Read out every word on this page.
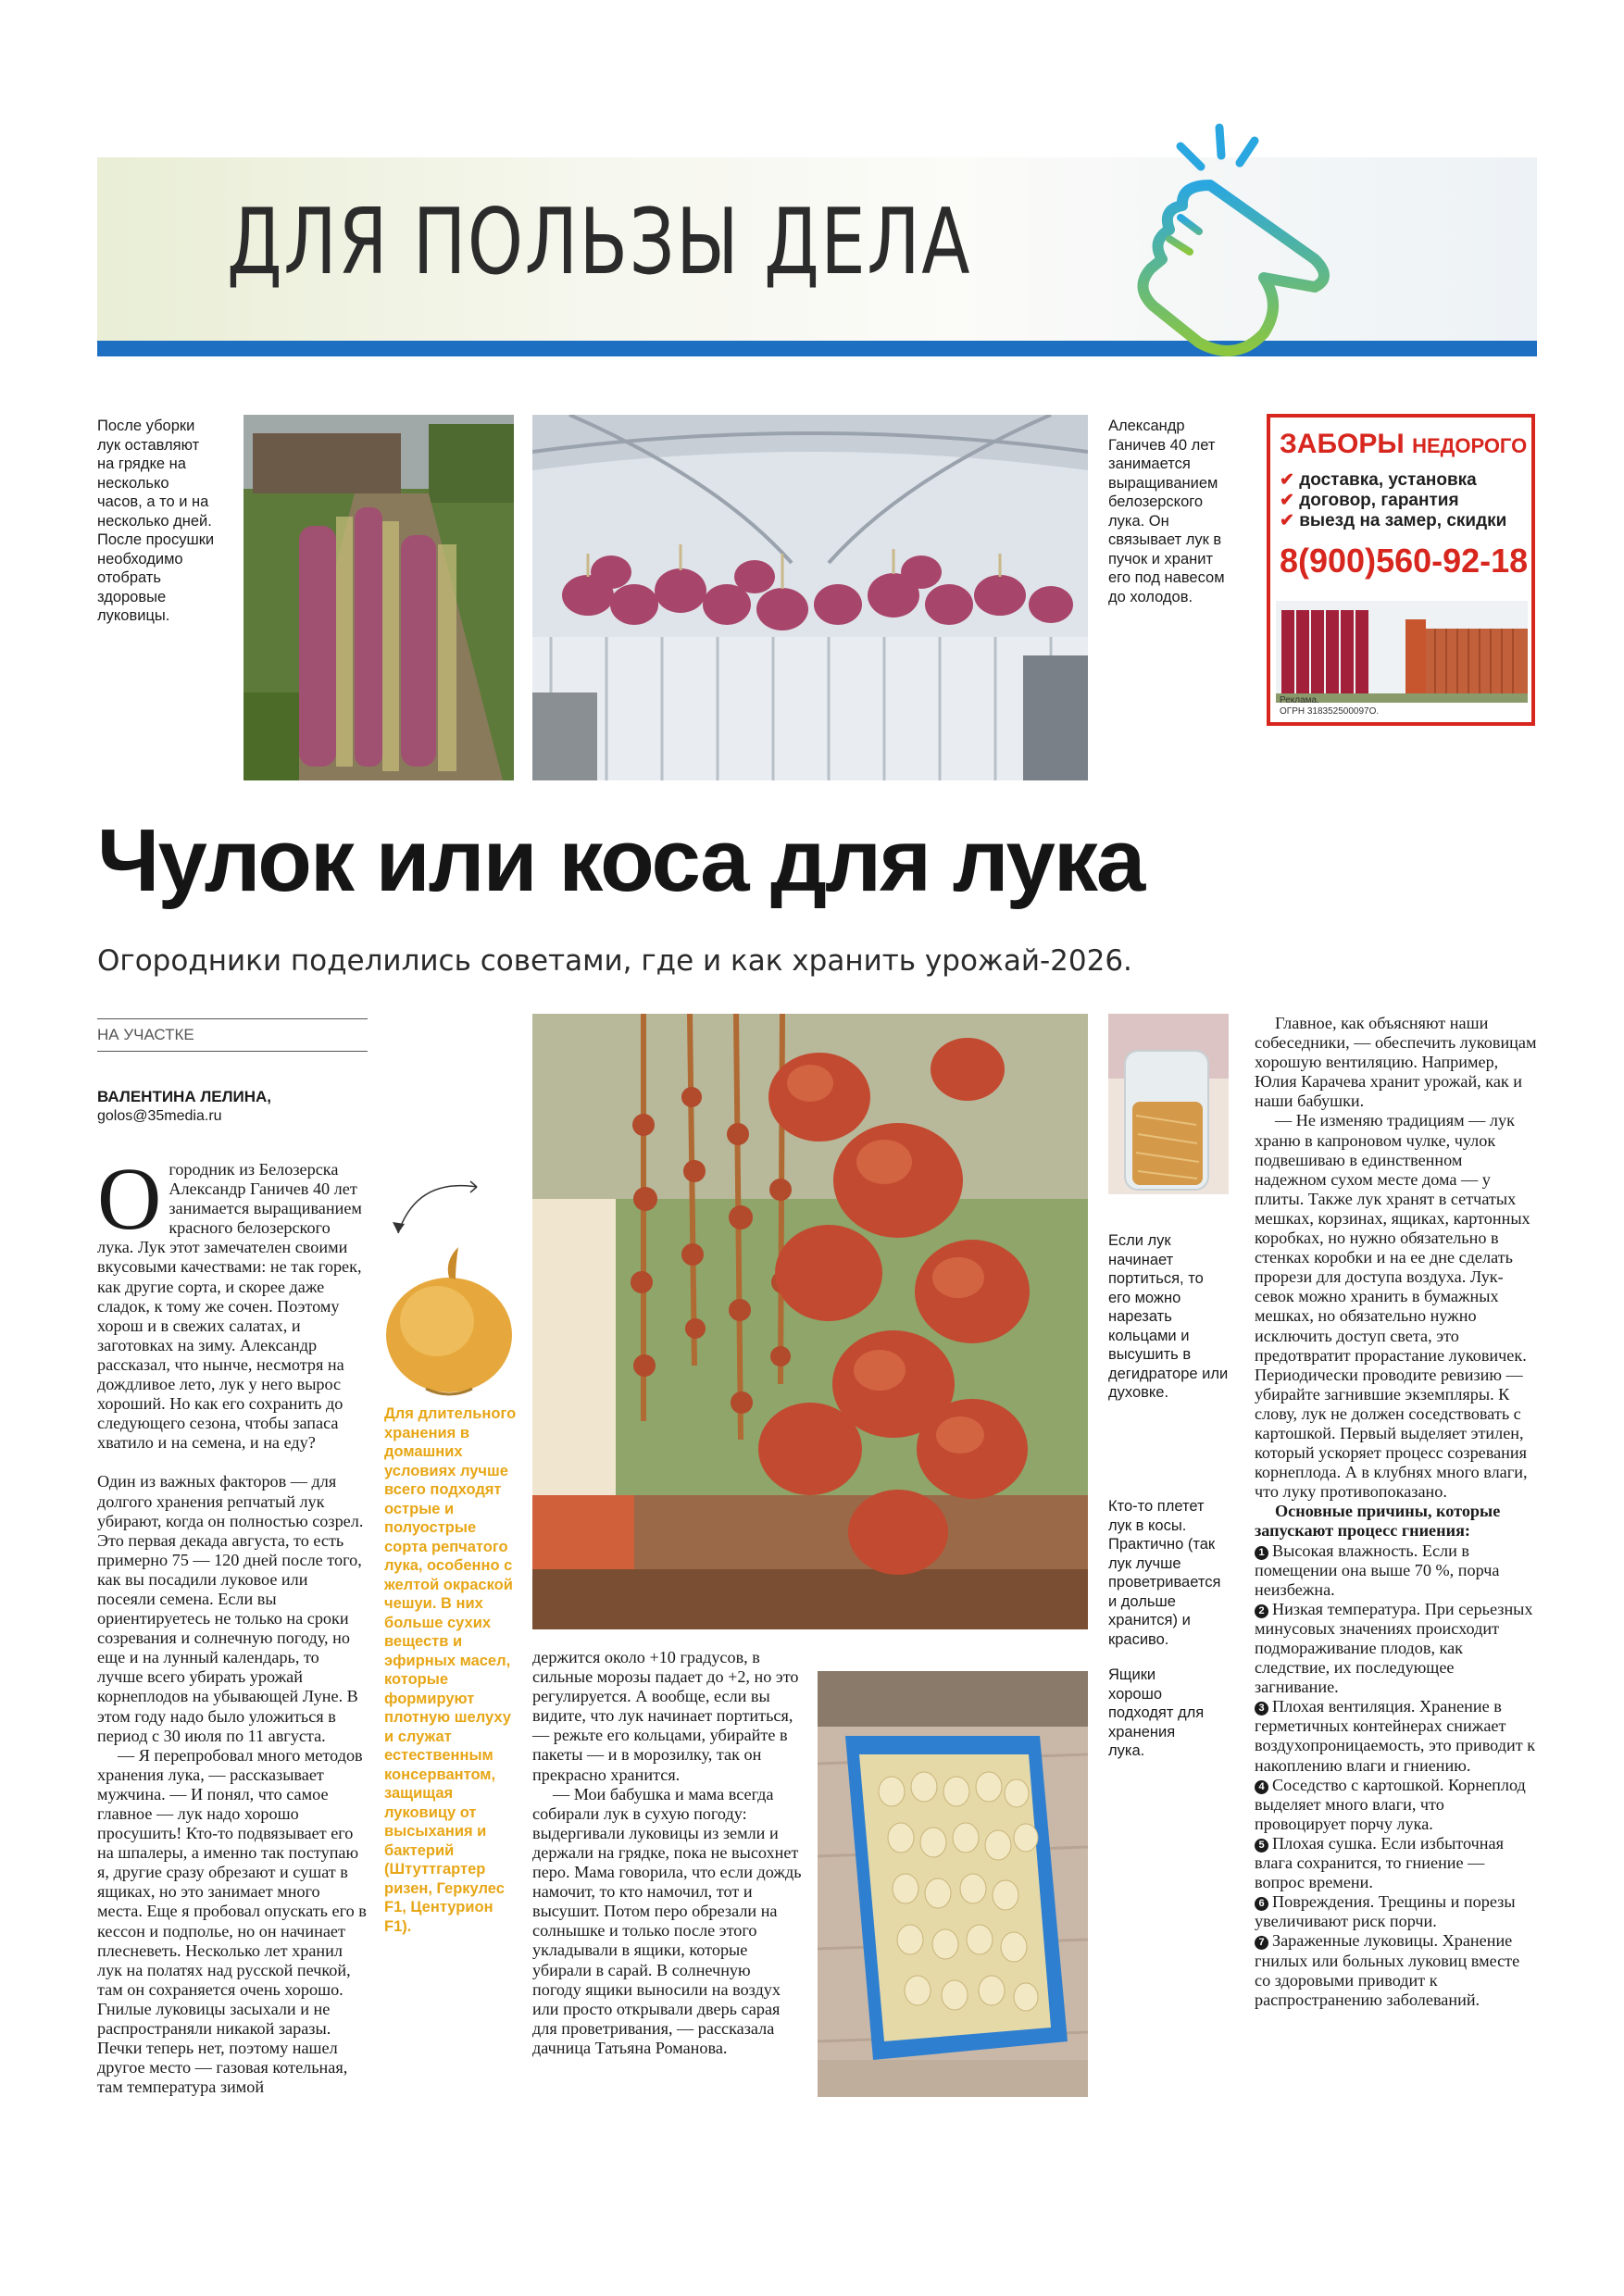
ДЛЯ ПОЛЬЗЫ ДЕЛА
После уборки лук оставляют на грядке на несколько часов, а то и на несколько дней. После просушки необходимо отобрать здоровые луковицы.
Александр Ганичев 40 лет занимается выращиванием белозерского лука. Он связывает лук в пучок и хранит его под навесом до холодов.
ЗАБОРЫ НЕДОРОГО
✔ доставка, установка
✔ договор, гарантия
✔ выезд на замер, скидки
8(900)560-92-18
Реклама.
ОГРН 318352500097О.
Чулок или коса для лука
Огородники поделились советами, где и как хранить урожай-2026.
НА УЧАСТКЕ
ВАЛЕНТИНА ЛЕЛИНА,
golos@35media.ru

Огородник из Белозерска Александр Ганичев 40 лет занимается выращиванием красного белозерского лука. Лук этот замечателен своими вкусовыми качествами: не так горек, как другие сорта, и скорее даже сладок, к тому же сочен. Поэтому хорош и в свежих салатах, и заготовках на зиму. Александр рассказал, что нынче, несмотря на дождливое лето, лук у него вырос хороший. Но как его сохранить до следующего сезона, чтобы запаса хватило и на семена, и на еду?

Один из важных факторов — для долгого хранения репчатый лук убирают, когда он полностью созрел. Это первая декада августа, то есть примерно 75 — 120 дней после того, как вы посадили луковое или посеяли семена. Если вы ориентируетесь не только на сроки созревания и солнечную погоду, но еще и на лунный календарь, то лучше всего убирать урожай корнеплодов на убывающей Луне. В этом году надо было уложиться в период с 30 июля по 11 августа.

— Я перепробовал много методов хранения лука, — рассказывает мужчина. — И понял, что самое главное — лук надо хорошо просушить! Кто-то подвязывает его на шпалеры, а именно так поступаю я, другие сразу обрезают и сушат в ящиках, но это занимает много места. Еще я пробовал опускать его в кессон и подполье, но он начинает плесневеть. Несколько лет хранил лук на полатях над русской печкой, там он сохраняется очень хорошо. Гнилые луковицы засыхали и не распространяли никакой заразы. Печки теперь нет, поэтому нашел другое место — газовая котельная, там температура зимой

Для длительного хранения в домашних условиях лучше всего подходят острые и полуострые сорта репчатого лука, особенно с желтой окраской чешуи. В них больше сухих веществ и эфирных масел, которые формируют плотную шелуху и служат естественным консервантом, защищая луковицу от высыхания и бактерий (Штуттгартер ризен, Геркулес F1, Центурион F1).

держится около +10 градусов, в сильные морозы падает до +2, но это регулируется. А вообще, если вы видите, что лук начинает портиться, — режьте его кольцами, убирайте в пакеты — и в морозилку, так он прекрасно хранится.

— Мои бабушка и мама всегда собирали лук в сухую погоду: выдергивали луковицы из земли и держали на грядке, пока не высохнет перо. Мама говорила, что если дождь намочит, то кто намочил, тот и высушит. Потом перо обрезали на солнышке и только после этого укладывали в ящики, которые убирали в сарай. В солнечную погоду ящики выносили на воздух или просто открывали дверь сарая для проветривания, — рассказала дачница Татьяна Романова.

Если лук начинает портиться, то его можно нарезать кольцами и высушить в дегидраторе или духовке.
Кто-то плетет лук в косы. Практично (так лук лучше проветривается и дольше хранится) и красиво.
Ящики хорошо подходят для хранения лука.

Главное, как объясняют наши собеседники, — обеспечить луковицам хорошую вентиляцию. Например, Юлия Карачева хранит урожай, как и наши бабушки.

— Не изменяю традициям — лук храню в капроновом чулке, чулок подвешиваю в единственном надежном сухом месте дома — у плиты. Также лук хранят в сетчатых мешках, корзинах, ящиках, картонных коробках, но нужно обязательно в стенках коробки и на ее дне сделать прорези для доступа воздуха. Лук-севок можно хранить в бумажных мешках, но обязательно нужно исключить доступ света, это предотвратит прорастание луковичек. Периодически проводите ревизию — убирайте загнившие экземпляры. К слову, лук не должен соседствовать с картошкой. Первый выделяет этилен, который ускоряет процесс созревания корнеплода. А в клубнях много влаги, что луку противопоказано.

Основные причины, которые запускают процесс гниения:

1 Высокая влажность. Если в помещении она выше 70 %, порча неизбежна.

2 Низкая температура. При серьезных минусовых значениях происходит подмораживание плодов, как следствие, их последующее загнивание.

3 Плохая вентиляция. Хранение в герметичных контейнерах снижает воздухопроницаемость, это приводит к накоплению влаги и гниению.

4 Соседство с картошкой. Корнеплод выделяет много влаги, что провоцирует порчу лука.

5 Плохая сушка. Если избыточная влага сохранится, то гниение — вопрос времени.

6 Повреждения. Трещины и порезы увеличивают риск порчи.

7 Зараженные луковицы. Хранение гнилых или больных луковиц вместе со здоровыми приводит к распространению заболеваний.
